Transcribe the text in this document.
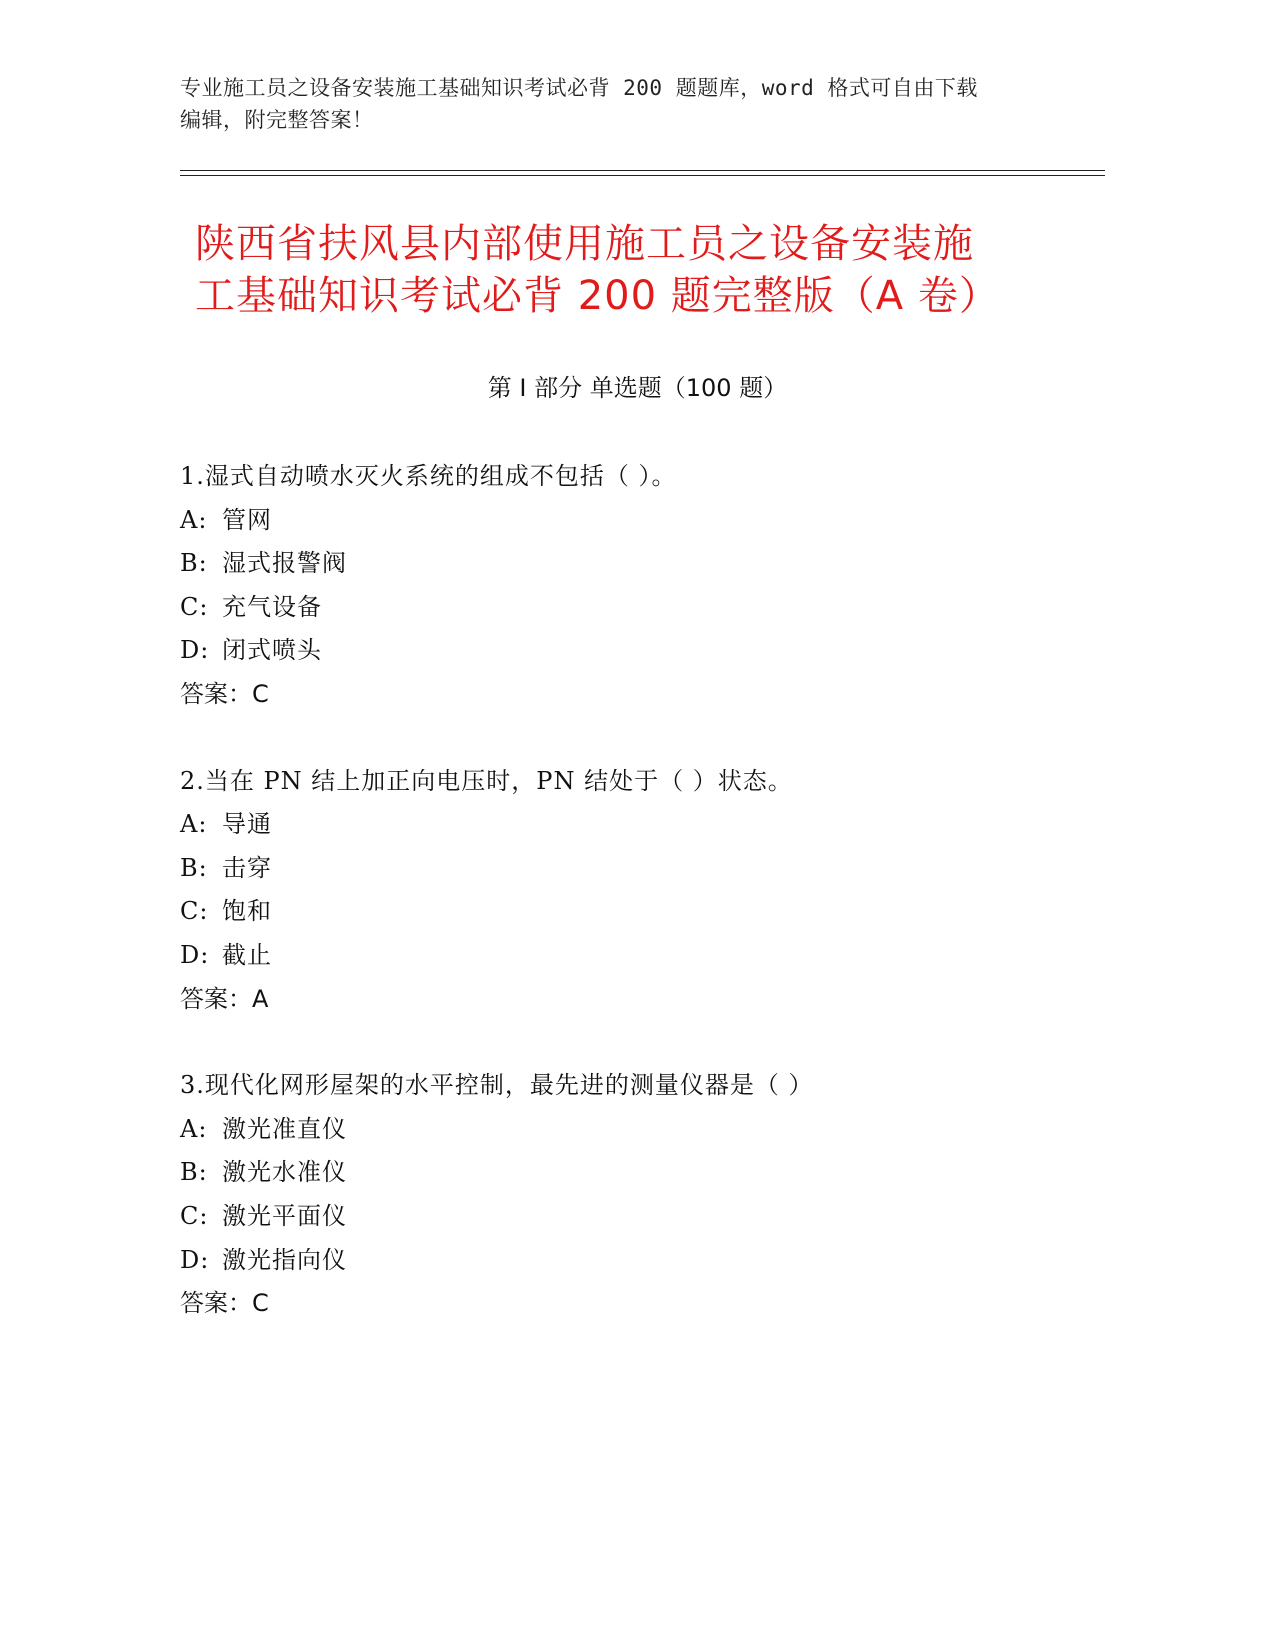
专业施工员之设备安装施工基础知识考试必背 200 题题库，word 格式可自由下载
编辑，附完整答案！
陕西省扶风县内部使用施工员之设备安装施
工基础知识考试必背 200 题完整版（A 卷）
第 I 部分 单选题（100 题）
1.湿式自动喷水灭火系统的组成不包括（ ）。
A: 管网
B: 湿式报警阀
C: 充气设备
D: 闭式喷头
答案：C
2.当在 PN 结上加正向电压时，PN 结处于（ ）状态。
A: 导通
B: 击穿
C: 饱和
D: 截止
答案：A
3.现代化网形屋架的水平控制，最先进的测量仪器是（ ）
A: 激光准直仪
B: 激光水准仪
C: 激光平面仪
D: 激光指向仪
答案：C
